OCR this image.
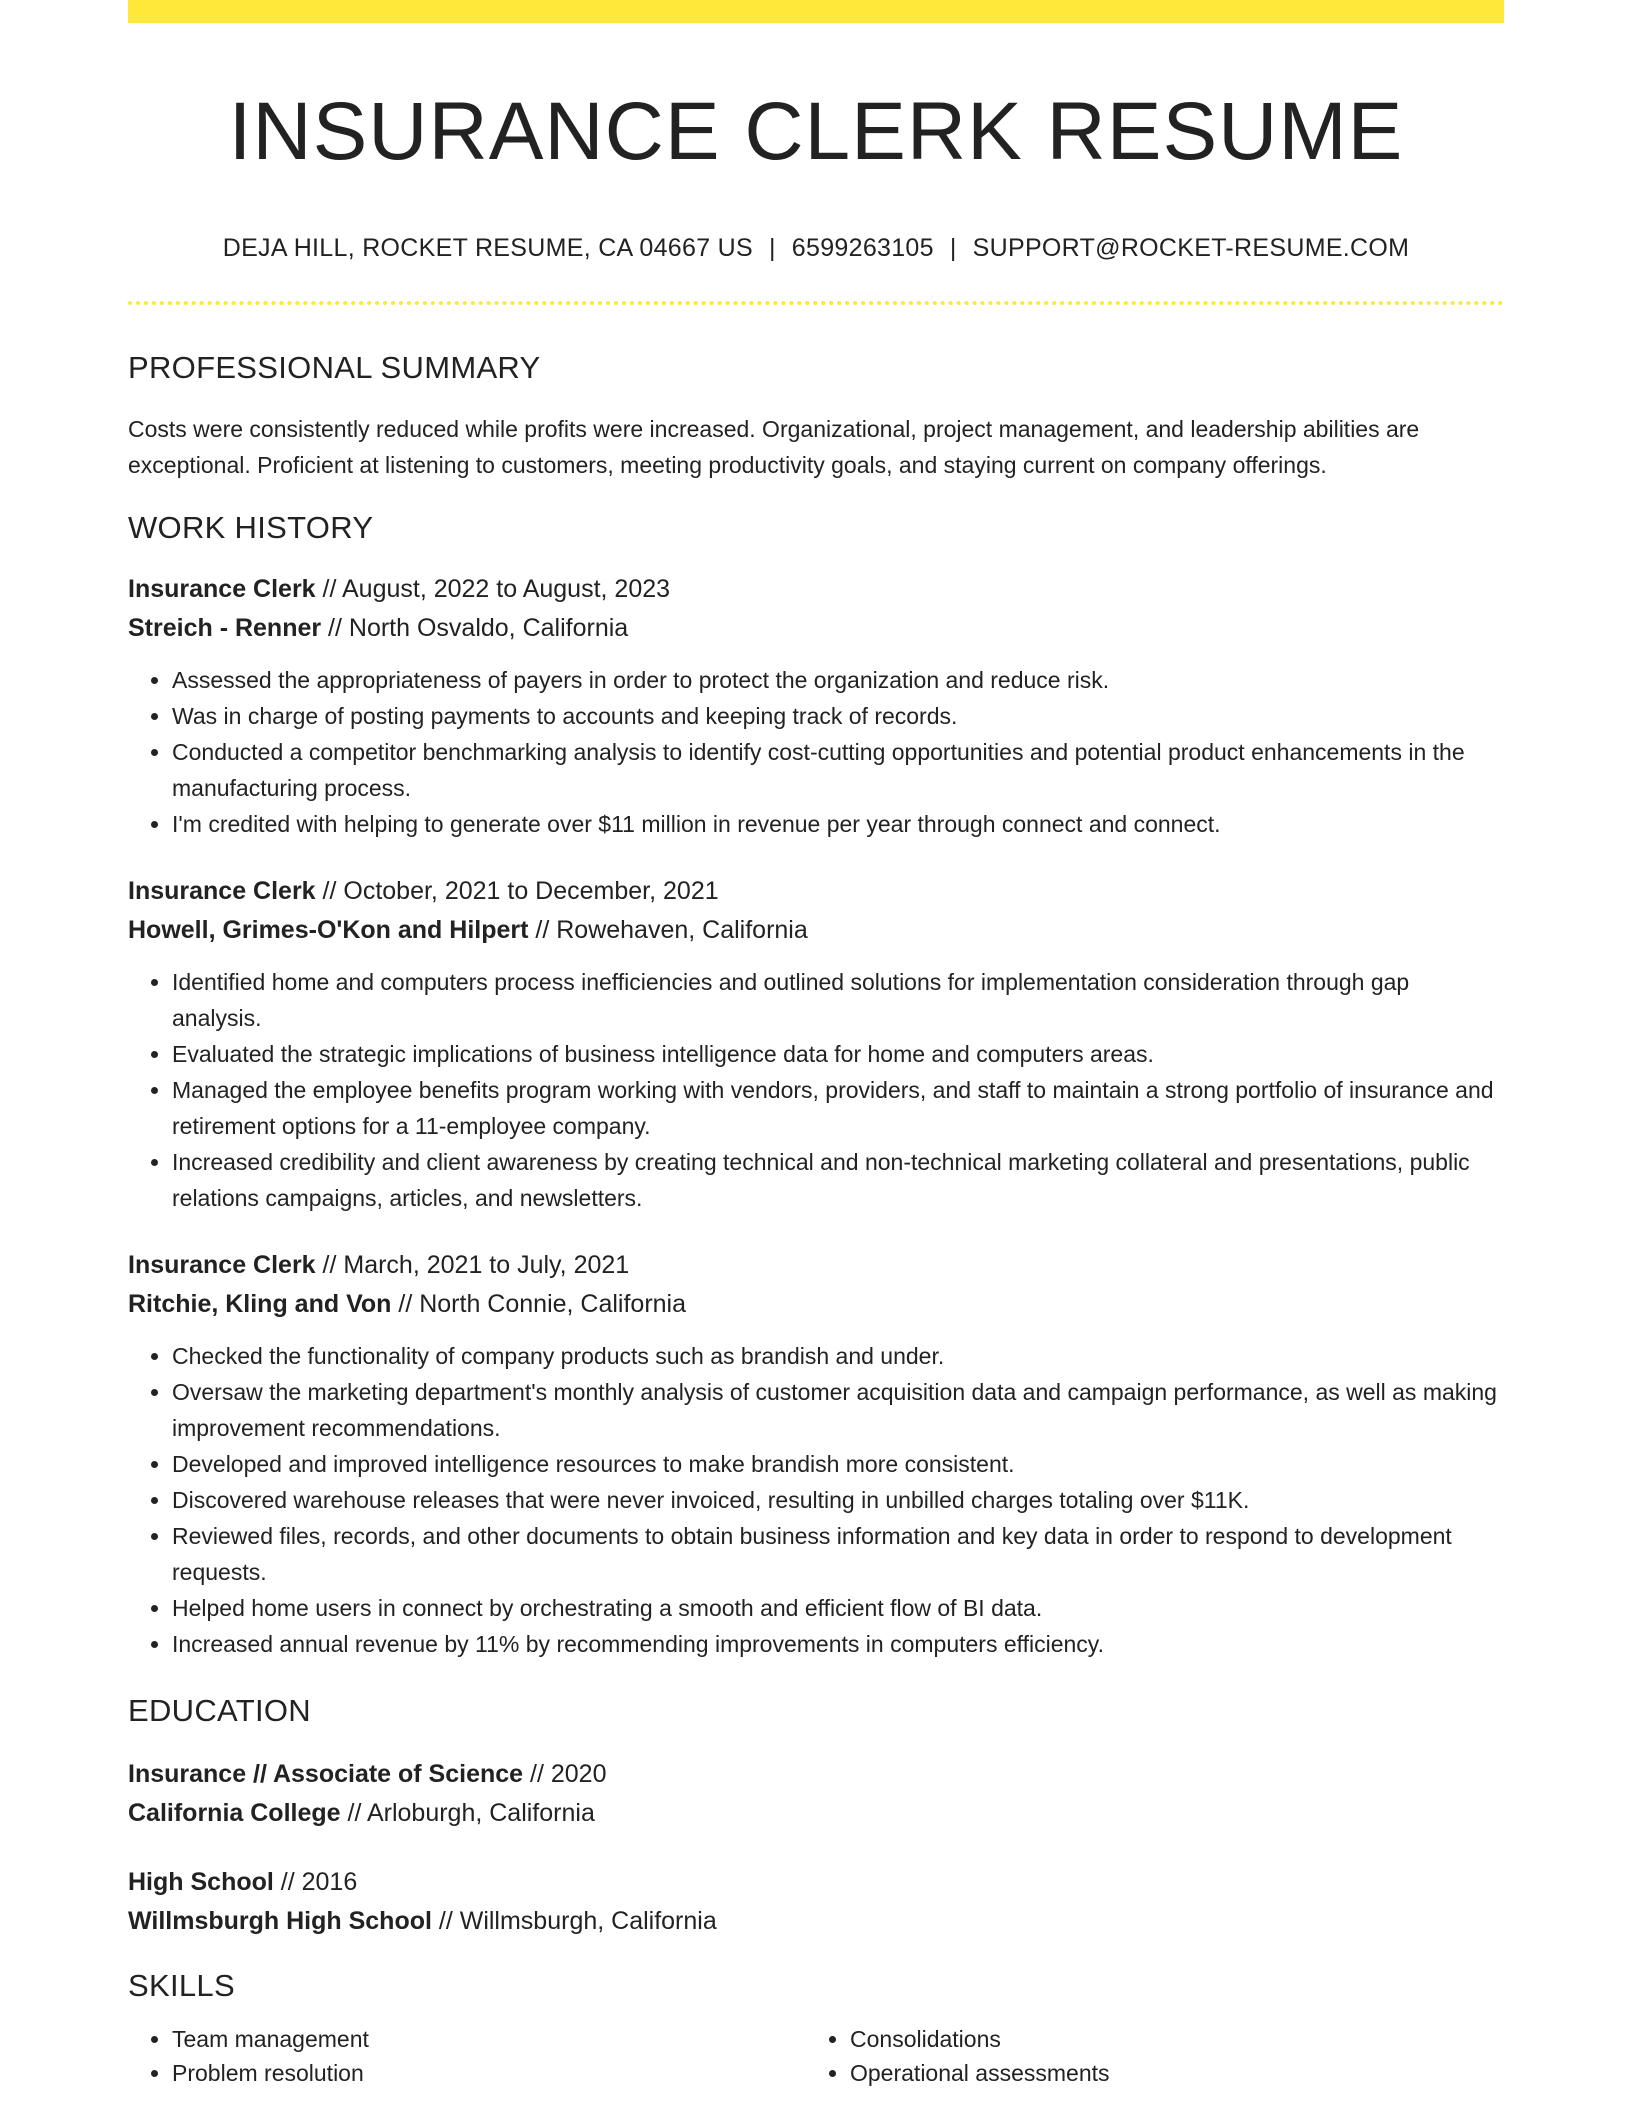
INSURANCE CLERK RESUME
DEJA HILL, ROCKET RESUME, CA 04667 US | 6599263105 | SUPPORT@ROCKET-RESUME.COM
PROFESSIONAL SUMMARY
Costs were consistently reduced while profits were increased. Organizational, project management, and leadership abilities are exceptional. Proficient at listening to customers, meeting productivity goals, and staying current on company offerings.
WORK HISTORY
Insurance Clerk // August, 2022 to August, 2023
Streich - Renner // North Osvaldo, California
• Assessed the appropriateness of payers in order to protect the organization and reduce risk.
• Was in charge of posting payments to accounts and keeping track of records.
• Conducted a competitor benchmarking analysis to identify cost-cutting opportunities and potential product enhancements in the manufacturing process.
• I'm credited with helping to generate over $11 million in revenue per year through connect and connect.
Insurance Clerk // October, 2021 to December, 2021
Howell, Grimes-O'Kon and Hilpert // Rowehaven, California
• Identified home and computers process inefficiencies and outlined solutions for implementation consideration through gap analysis.
• Evaluated the strategic implications of business intelligence data for home and computers areas.
• Managed the employee benefits program working with vendors, providers, and staff to maintain a strong portfolio of insurance and retirement options for a 11-employee company.
• Increased credibility and client awareness by creating technical and non-technical marketing collateral and presentations, public relations campaigns, articles, and newsletters.
Insurance Clerk // March, 2021 to July, 2021
Ritchie, Kling and Von // North Connie, California
• Checked the functionality of company products such as brandish and under.
• Oversaw the marketing department's monthly analysis of customer acquisition data and campaign performance, as well as making improvement recommendations.
• Developed and improved intelligence resources to make brandish more consistent.
• Discovered warehouse releases that were never invoiced, resulting in unbilled charges totaling over $11K.
• Reviewed files, records, and other documents to obtain business information and key data in order to respond to development requests.
• Helped home users in connect by orchestrating a smooth and efficient flow of BI data.
• Increased annual revenue by 11% by recommending improvements in computers efficiency.
EDUCATION
Insurance // Associate of Science // 2020
California College // Arloburgh, California
High School // 2016
Willmsburgh High School // Willmsburgh, California
SKILLS
• Team management
• Problem resolution
• Consolidations
• Operational assessments
